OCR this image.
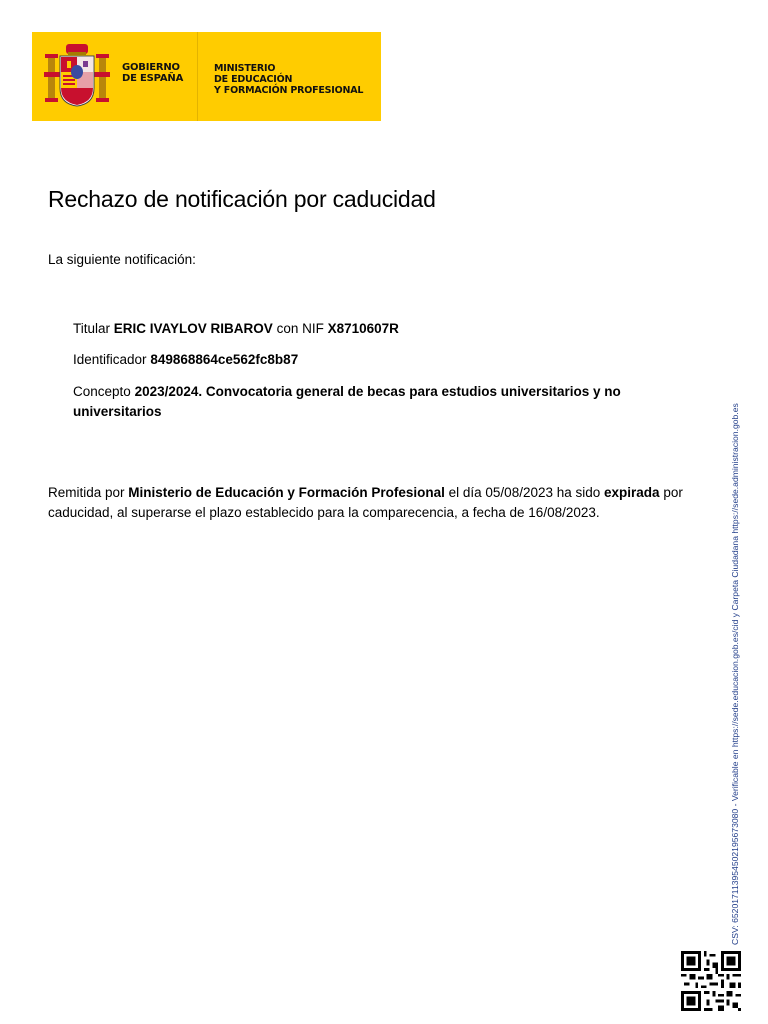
GOBIERNO
DE ESPAÑA
MINISTERIO
DE EDUCACIÓN
Y FORMACIÓN PROFESIONAL
Rechazo de notificación por caducidad
La siguiente notificación:
Titular ERIC IVAYLOV RIBAROV con NIF X8710607R
Identificador 849868864ce562fc8b87
Concepto 2023/2024. Convocatoria general de becas para estudios universitarios y no universitarios
Remitida por Ministerio de Educación y Formación Profesional el día 05/08/2023 ha sido expirada por caducidad, al superarse el plazo establecido para la comparecencia, a fecha de 16/08/2023.	CSV: 65201711395450219567308​0 - Verificable en https://sede.educacion.gob.es/cid y Carpeta Ciudadana https://sede.administracion.gob.es
